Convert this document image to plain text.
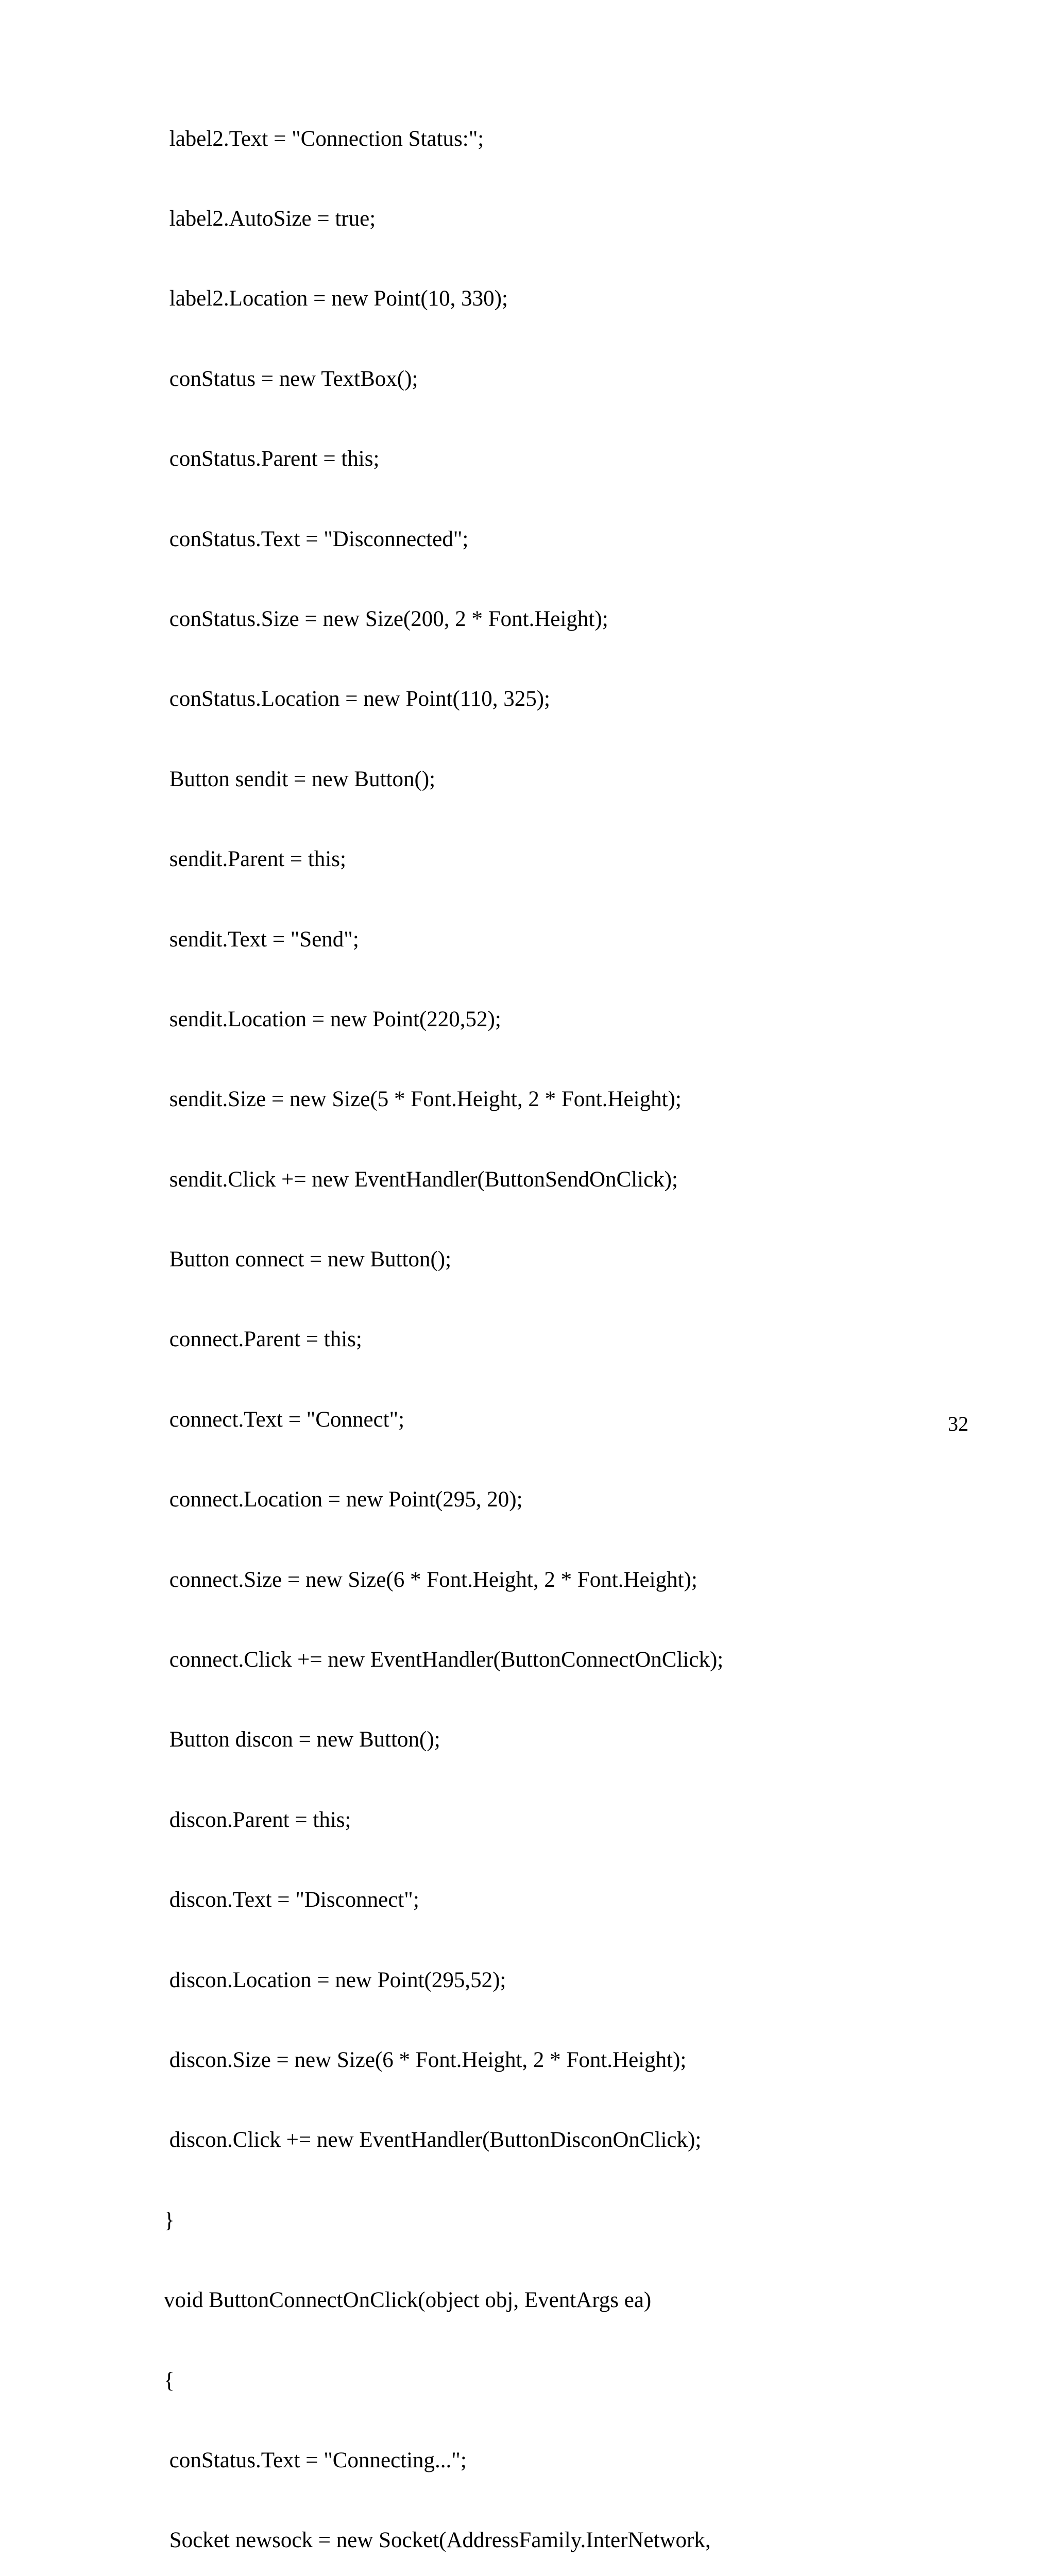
label2.Text = "Connection Status:";

label2.AutoSize = true;

label2.Location = new Point(10, 330);

conStatus = new TextBox();

conStatus.Parent = this;

conStatus.Text = "Disconnected";

conStatus.Size = new Size(200, 2 * Font.Height);

conStatus.Location = new Point(110, 325);

Button sendit = new Button();

sendit.Parent = this;

sendit.Text = "Send";

sendit.Location = new Point(220,52);

sendit.Size = new Size(5 * Font.Height, 2 * Font.Height);

sendit.Click += new EventHandler(ButtonSendOnClick);

Button connect = new Button();

connect.Parent = this;

connect.Text = "Connect";

connect.Location = new Point(295, 20);

connect.Size = new Size(6 * Font.Height, 2 * Font.Height);

connect.Click += new EventHandler(ButtonConnectOnClick);

Button discon = new Button();

discon.Parent = this;

discon.Text = "Disconnect";

discon.Location = new Point(295,52);

discon.Size = new Size(6 * Font.Height, 2 * Font.Height);

discon.Click += new EventHandler(ButtonDisconOnClick);

}

void ButtonConnectOnClick(object obj, EventArgs ea)

{

conStatus.Text = "Connecting...";

Socket newsock = new Socket(AddressFamily.InterNetwork,

32
